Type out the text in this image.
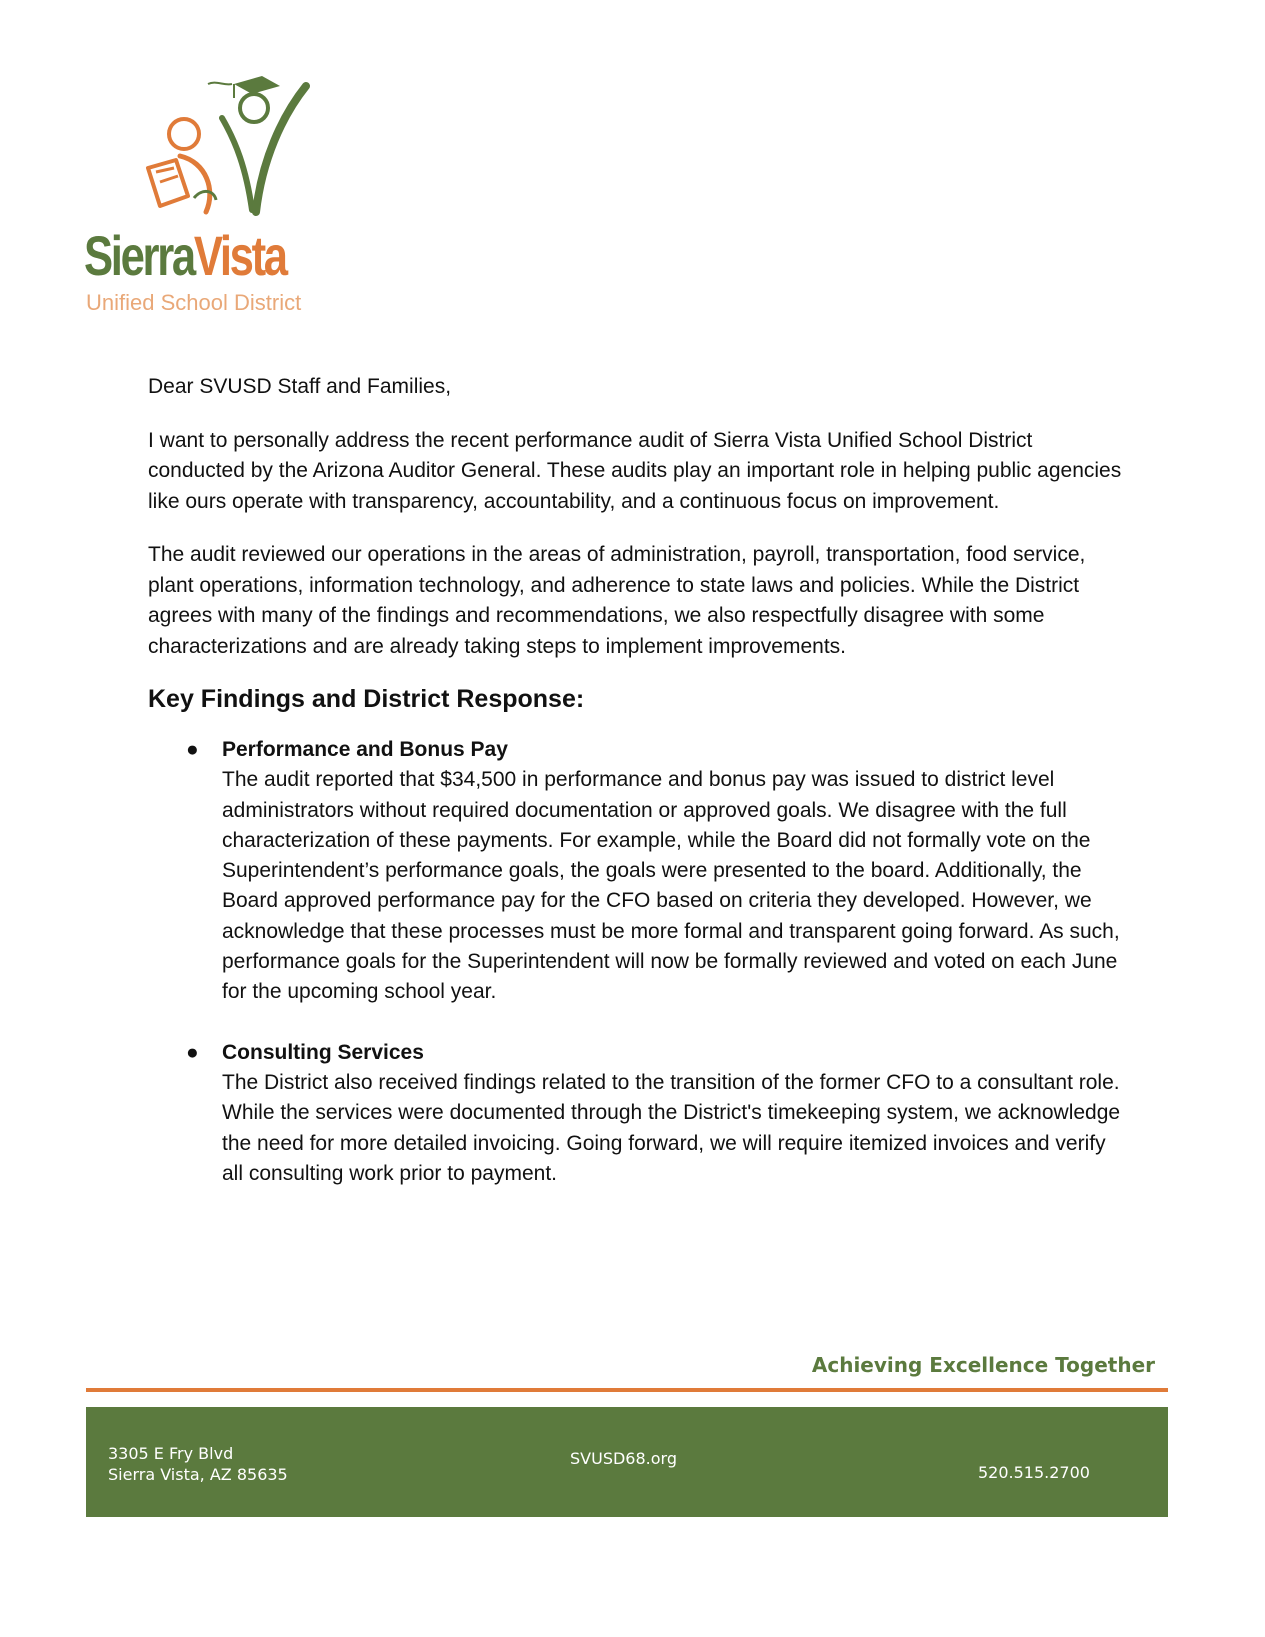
SierraVista
Unified School District

Dear SVUSD Staff and Families,

I want to personally address the recent performance audit of Sierra Vista Unified School District conducted by the Arizona Auditor General. These audits play an important role in helping public agencies like ours operate with transparency, accountability, and a continuous focus on improvement.

The audit reviewed our operations in the areas of administration, payroll, transportation, food service, plant operations, information technology, and adherence to state laws and policies. While the District agrees with many of the findings and recommendations, we also respectfully disagree with some characterizations and are already taking steps to implement improvements.

Key Findings and District Response:
● Performance and Bonus Pay
The audit reported that $34,500 in performance and bonus pay was issued to district level administrators without required documentation or approved goals. We disagree with the full characterization of these payments. For example, while the Board did not formally vote on the Superintendent’s performance goals, the goals were presented to the board. Additionally, the Board approved performance pay for the CFO based on criteria they developed. However, we acknowledge that these processes must be more formal and transparent going forward. As such, performance goals for the Superintendent will now be formally reviewed and voted on each June for the upcoming school year.
● Consulting Services
The District also received findings related to the transition of the former CFO to a consultant role. While the services were documented through the District's timekeeping system, we acknowledge the need for more detailed invoicing. Going forward, we will require itemized invoices and verify all consulting work prior to payment.
Achieving Excellence Together
3305 E Fry Blvd
Sierra Vista, AZ 85635
SVUSD68.org
520.515.2700
